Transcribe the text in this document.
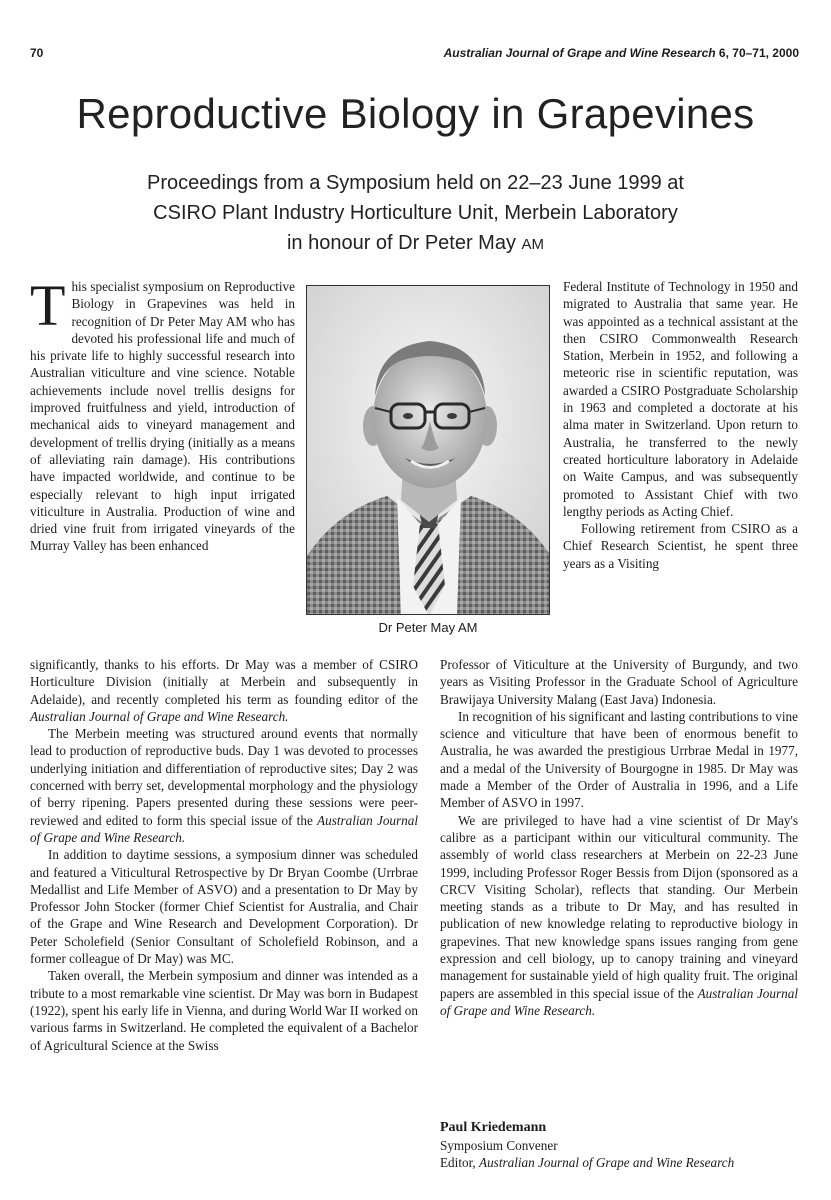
70	Australian Journal of Grape and Wine Research 6, 70–71, 2000
Reproductive Biology in Grapevines
Proceedings from a Symposium held on 22–23 June 1999 at
CSIRO Plant Industry Horticulture Unit, Merbein Laboratory
in honour of Dr Peter May AM

This specialist symposium on Reproductive Biology in Grapevines was held in recognition of Dr Peter May AM who has devoted his professional life and much of his private life to highly successful research into Australian viticulture and vine science. Notable achievements include novel trellis designs for improved fruitfulness and yield, introduction of mechanical aids to vineyard management and development of trellis drying (initially as a means of alleviating rain damage). His contributions have impacted worldwide, and continue to be especially relevant to high input irrigated viticulture in Australia. Production of wine and dried vine fruit from irrigated vineyards of the Murray Valley has been enhanced

Dr Peter May AM

Federal Institute of Technology in 1950 and migrated to Australia that same year. He was appointed as a technical assistant at the then CSIRO Commonwealth Research Station, Merbein in 1952, and following a meteoric rise in scientific reputation, was awarded a CSIRO Postgraduate Scholarship in 1963 and completed a doctorate at his alma mater in Switzerland. Upon return to Australia, he transferred to the newly created horticulture laboratory in Adelaide on Waite Campus, and was subsequently promoted to Assistant Chief with two lengthy periods as Acting Chief.

Following retirement from CSIRO as a Chief Research Scientist, he spent three years as a Visiting

significantly, thanks to his efforts. Dr May was a member of CSIRO Horticulture Division (initially at Merbein and subsequently in Adelaide), and recently completed his term as founding editor of the Australian Journal of Grape and Wine Research.

The Merbein meeting was structured around events that normally lead to production of reproductive buds. Day 1 was devoted to processes underlying initiation and differentiation of reproductive sites; Day 2 was concerned with berry set, developmental morphology and the physiology of berry ripening. Papers presented during these sessions were peer-reviewed and edited to form this special issue of the Australian Journal of Grape and Wine Research.

In addition to daytime sessions, a symposium dinner was scheduled and featured a Viticultural Retrospective by Dr Bryan Coombe (Urrbrae Medallist and Life Member of ASVO) and a presentation to Dr May by Professor John Stocker (former Chief Scientist for Australia, and Chair of the Grape and Wine Research and Development Corporation). Dr Peter Scholefield (Senior Consultant of Scholefield Robinson, and a former colleague of Dr May) was MC.

Taken overall, the Merbein symposium and dinner was intended as a tribute to a most remarkable vine scientist. Dr May was born in Budapest (1922), spent his early life in Vienna, and during World War II worked on various farms in Switzerland. He completed the equivalent of a Bachelor of Agricultural Science at the Swiss

Professor of Viticulture at the University of Burgundy, and two years as Visiting Professor in the Graduate School of Agriculture Brawijaya University Malang (East Java) Indonesia.

In recognition of his significant and lasting contributions to vine science and viticulture that have been of enormous benefit to Australia, he was awarded the prestigious Urrbrae Medal in 1977, and a medal of the University of Bourgogne in 1985. Dr May was made a Member of the Order of Australia in 1996, and a Life Member of ASVO in 1997.

We are privileged to have had a vine scientist of Dr May's calibre as a participant within our viticultural community. The assembly of world class researchers at Merbein on 22-23 June 1999, including Professor Roger Bessis from Dijon (sponsored as a CRCV Visiting Scholar), reflects that standing. Our Merbein meeting stands as a tribute to Dr May, and has resulted in publication of new knowledge relating to reproductive biology in grapevines. That new knowledge spans issues ranging from gene expression and cell biology, up to canopy training and vineyard management for sustainable yield of high quality fruit. The original papers are assembled in this special issue of the Australian Journal of Grape and Wine Research.

Paul Kriedemann
Symposium Convener
Editor, Australian Journal of Grape and Wine Research
